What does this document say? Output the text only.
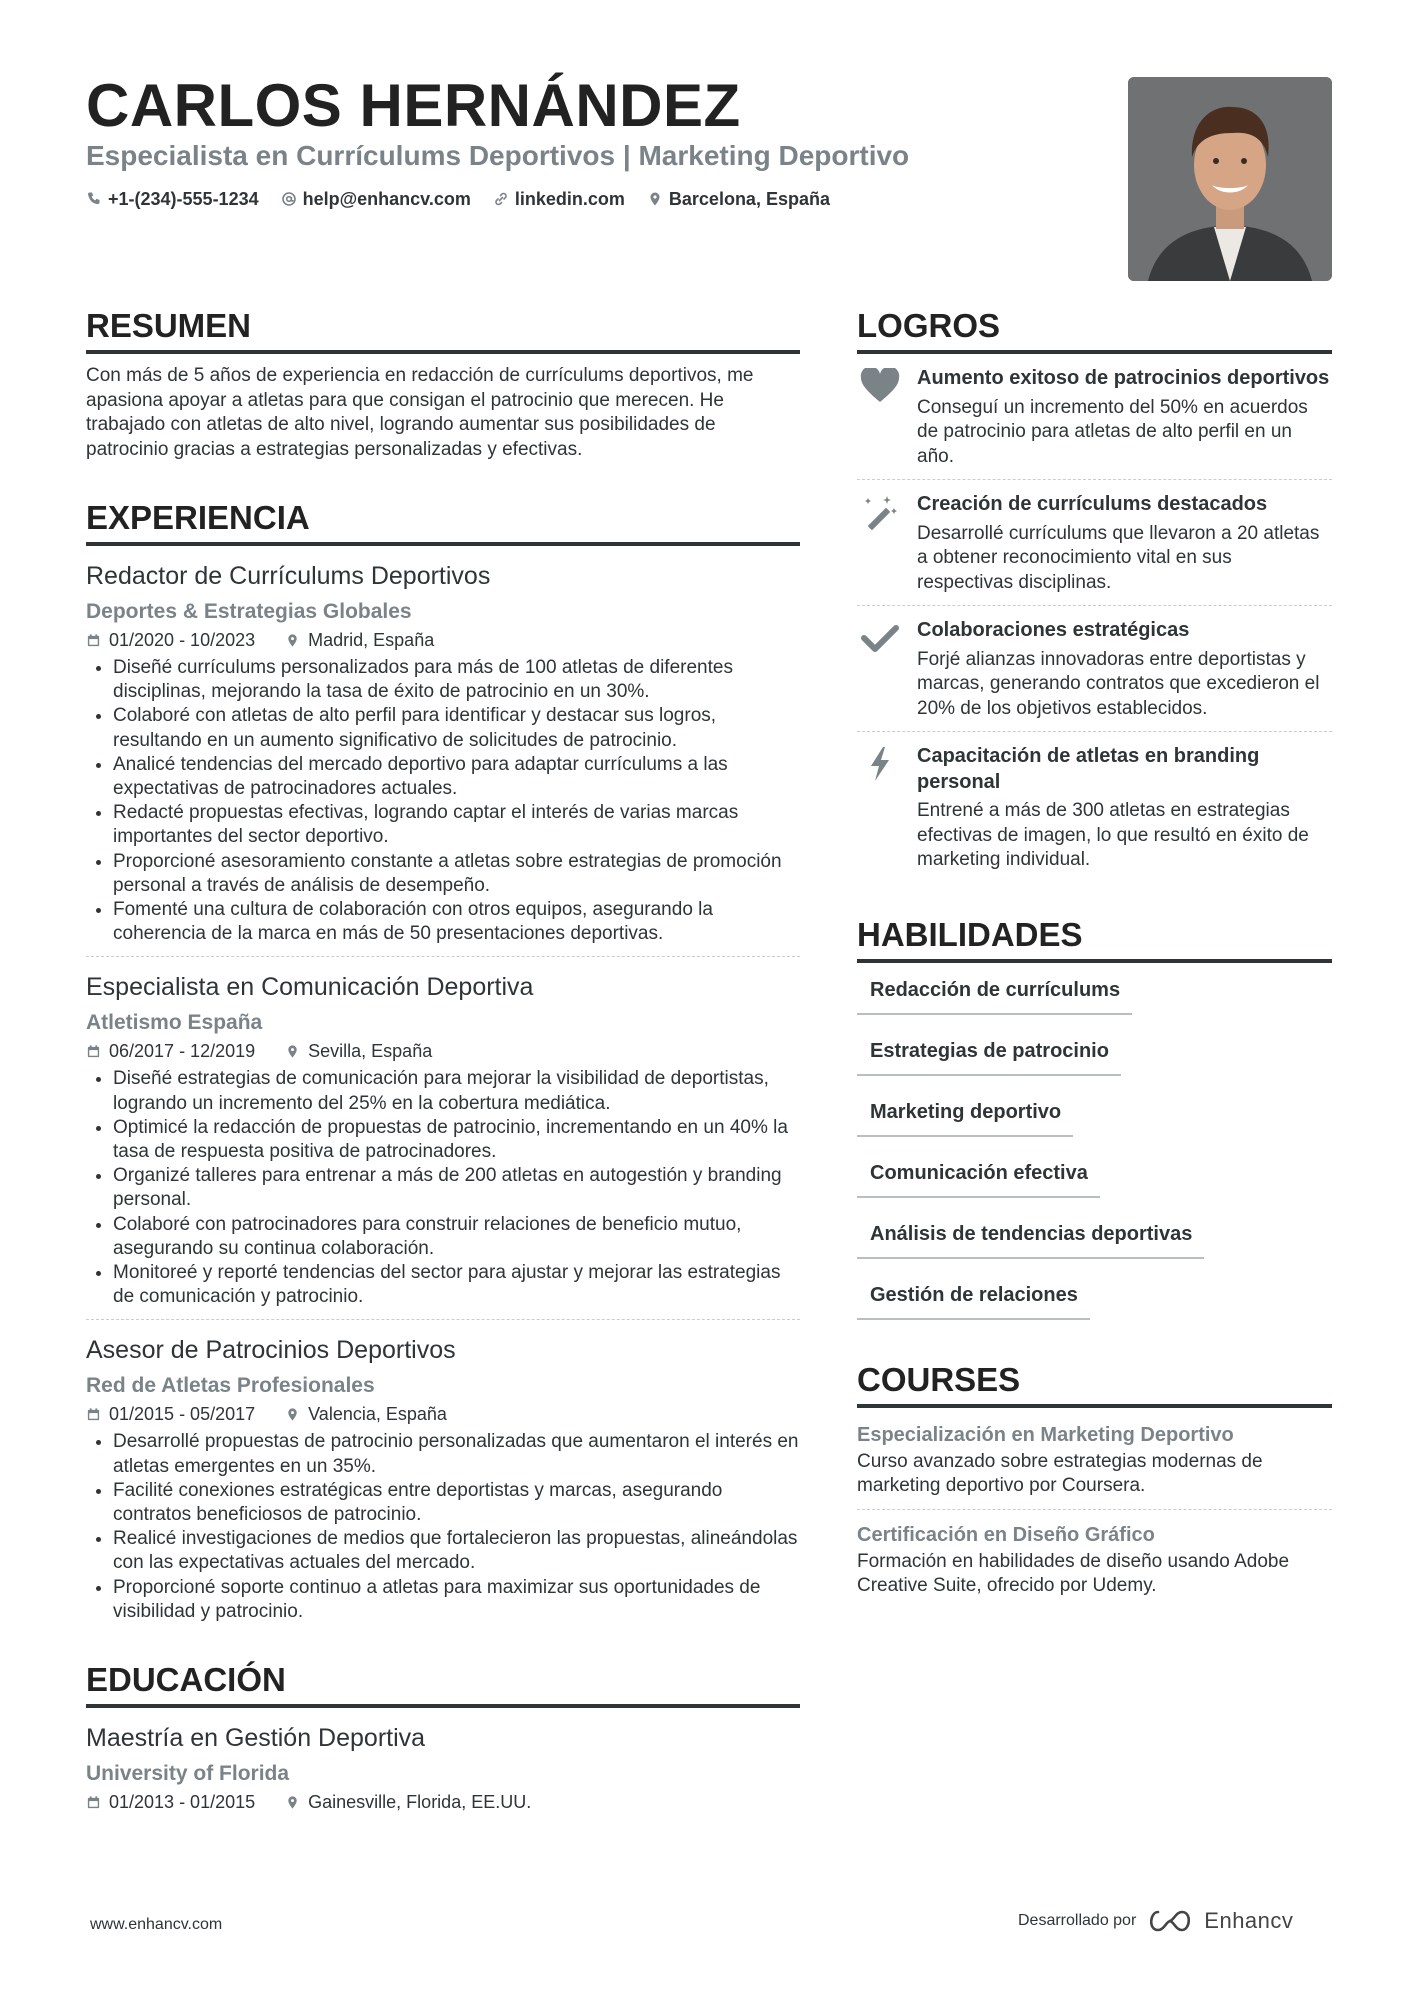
CARLOS HERNÁNDEZ
Especialista en Currículums Deportivos | Marketing Deportivo
+1-(234)-555-1234 help@enhancv.com linkedin.com Barcelona, España
RESUMEN
Con más de 5 años de experiencia en redacción de currículums deportivos, me apasiona apoyar a atletas para que consigan el patrocinio que merecen. He trabajado con atletas de alto nivel, logrando aumentar sus posibilidades de patrocinio gracias a estrategias personalizadas y efectivas.
EXPERIENCIA
Redactor de Currículums Deportivos
Deportes & Estrategias Globales
01/2020 - 10/2023	Madrid, España
• Diseñé currículums personalizados para más de 100 atletas de diferentes disciplinas, mejorando la tasa de éxito de patrocinio en un 30%.
• Colaboré con atletas de alto perfil para identificar y destacar sus logros, resultando en un aumento significativo de solicitudes de patrocinio.
• Analicé tendencias del mercado deportivo para adaptar currículums a las expectativas de patrocinadores actuales.
• Redacté propuestas efectivas, logrando captar el interés de varias marcas importantes del sector deportivo.
• Proporcioné asesoramiento constante a atletas sobre estrategias de promoción personal a través de análisis de desempeño.
• Fomenté una cultura de colaboración con otros equipos, asegurando la coherencia de la marca en más de 50 presentaciones deportivas.
Especialista en Comunicación Deportiva
Atletismo España
06/2017 - 12/2019	Sevilla, España
• Diseñé estrategias de comunicación para mejorar la visibilidad de deportistas, logrando un incremento del 25% en la cobertura mediática.
• Optimicé la redacción de propuestas de patrocinio, incrementando en un 40% la tasa de respuesta positiva de patrocinadores.
• Organizé talleres para entrenar a más de 200 atletas en autogestión y branding personal.
• Colaboré con patrocinadores para construir relaciones de beneficio mutuo, asegurando su continua colaboración.
• Monitoreé y reporté tendencias del sector para ajustar y mejorar las estrategias de comunicación y patrocinio.
Asesor de Patrocinios Deportivos
Red de Atletas Profesionales
01/2015 - 05/2017	Valencia, España
• Desarrollé propuestas de patrocinio personalizadas que aumentaron el interés en atletas emergentes en un 35%.
• Facilité conexiones estratégicas entre deportistas y marcas, asegurando contratos beneficiosos de patrocinio.
• Realicé investigaciones de medios que fortalecieron las propuestas, alineándolas con las expectativas actuales del mercado.
• Proporcioné soporte continuo a atletas para maximizar sus oportunidades de visibilidad y patrocinio.
EDUCACIÓN
Maestría en Gestión Deportiva
University of Florida
01/2013 - 01/2015	Gainesville, Florida, EE.UU.
LOGROS
Aumento exitoso de patrocinios deportivos
Conseguí un incremento del 50% en acuerdos de patrocinio para atletas de alto perfil en un año.
Creación de currículums destacados
Desarrollé currículums que llevaron a 20 atletas a obtener reconocimiento vital en sus respectivas disciplinas.
Colaboraciones estratégicas
Forjé alianzas innovadoras entre deportistas y marcas, generando contratos que excedieron el 20% de los objetivos establecidos.
Capacitación de atletas en branding personal
Entrené a más de 300 atletas en estrategias efectivas de imagen, lo que resultó en éxito de marketing individual.
HABILIDADES
Redacción de currículums
Estrategias de patrocinio
Marketing deportivo
Comunicación efectiva
Análisis de tendencias deportivas
Gestión de relaciones
COURSES
Especialización en Marketing Deportivo
Curso avanzado sobre estrategias modernas de marketing deportivo por Coursera.
Certificación en Diseño Gráfico
Formación en habilidades de diseño usando Adobe Creative Suite, ofrecido por Udemy.
www.enhancv.com	Desarrollado por	Enhancv
